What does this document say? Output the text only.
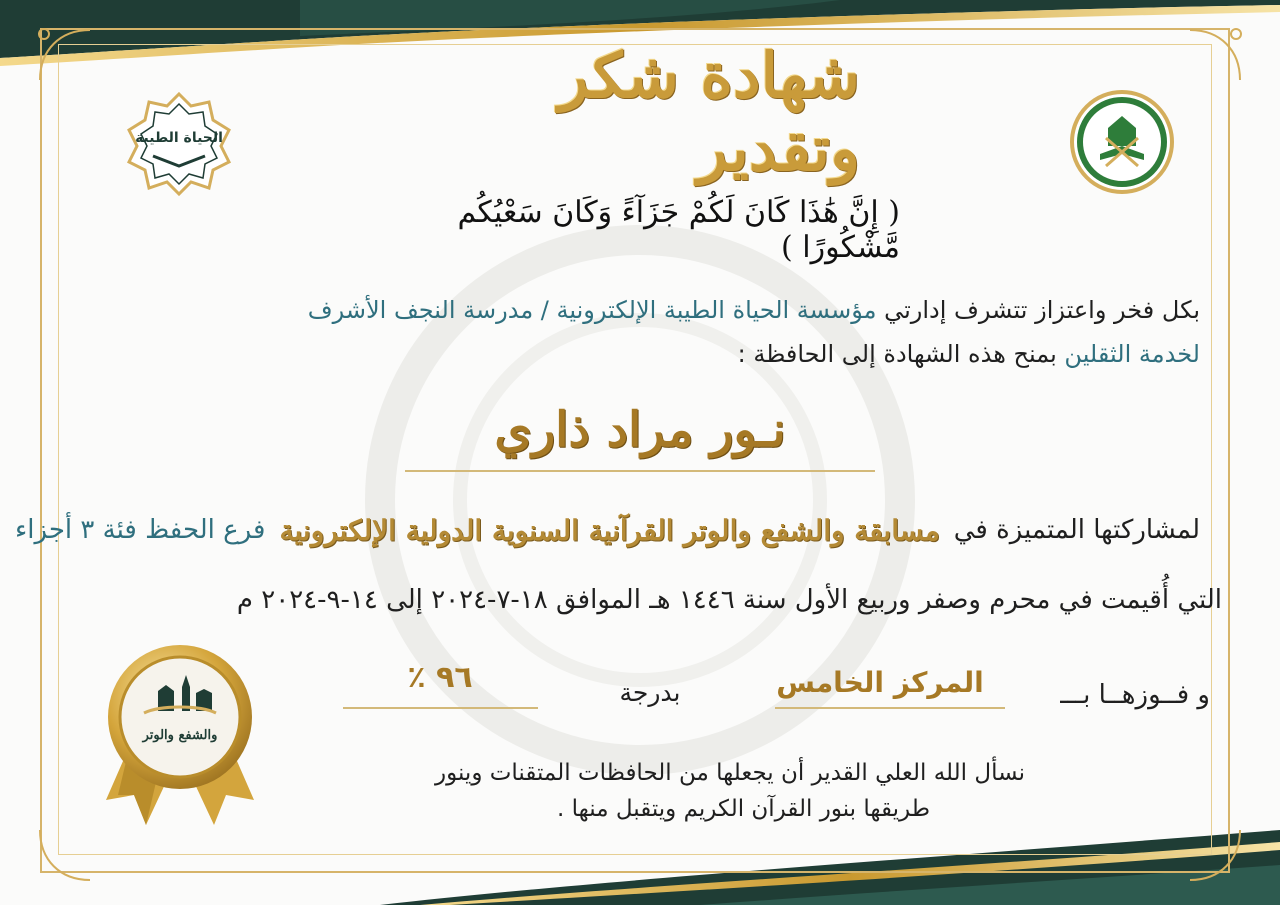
شهادة شكر وتقدير
الحياة الطيبة
( إِنَّ هَٰذَا كَانَ لَكُمْ جَزَآءً وَكَانَ سَعْيُكُم مَّشْكُورًا )
بكل فخر واعتزاز تتشرف إدارتي مؤسسة الحياة الطيبة الإلكترونية / مدرسة النجف الأشرف
لخدمة الثقلين بمنح هذه الشهادة إلى الحافظة :
نـور مراد ذاري
لمشاركتها المتميزة في
مسابقة والشفع والوتر القرآنية السنوية الدولية الإلكترونية
فرع الحفظ فئة ٣ أجزاء
التي أُقيمت في محرم وصفر وربيع الأول سنة ١٤٤٦ هـ الموافق ١٨-٧-٢٠٢٤ إلى ١٤-٩-٢٠٢٤ م
و فــوزهــا بـــ
المركز الخامس
بدرجة
٩٦ ٪
نسأل الله العلي القدير أن يجعلها من الحافظات المتقنات وينور
طريقها بنور القرآن الكريم ويتقبل منها .
والشفع والوتر
